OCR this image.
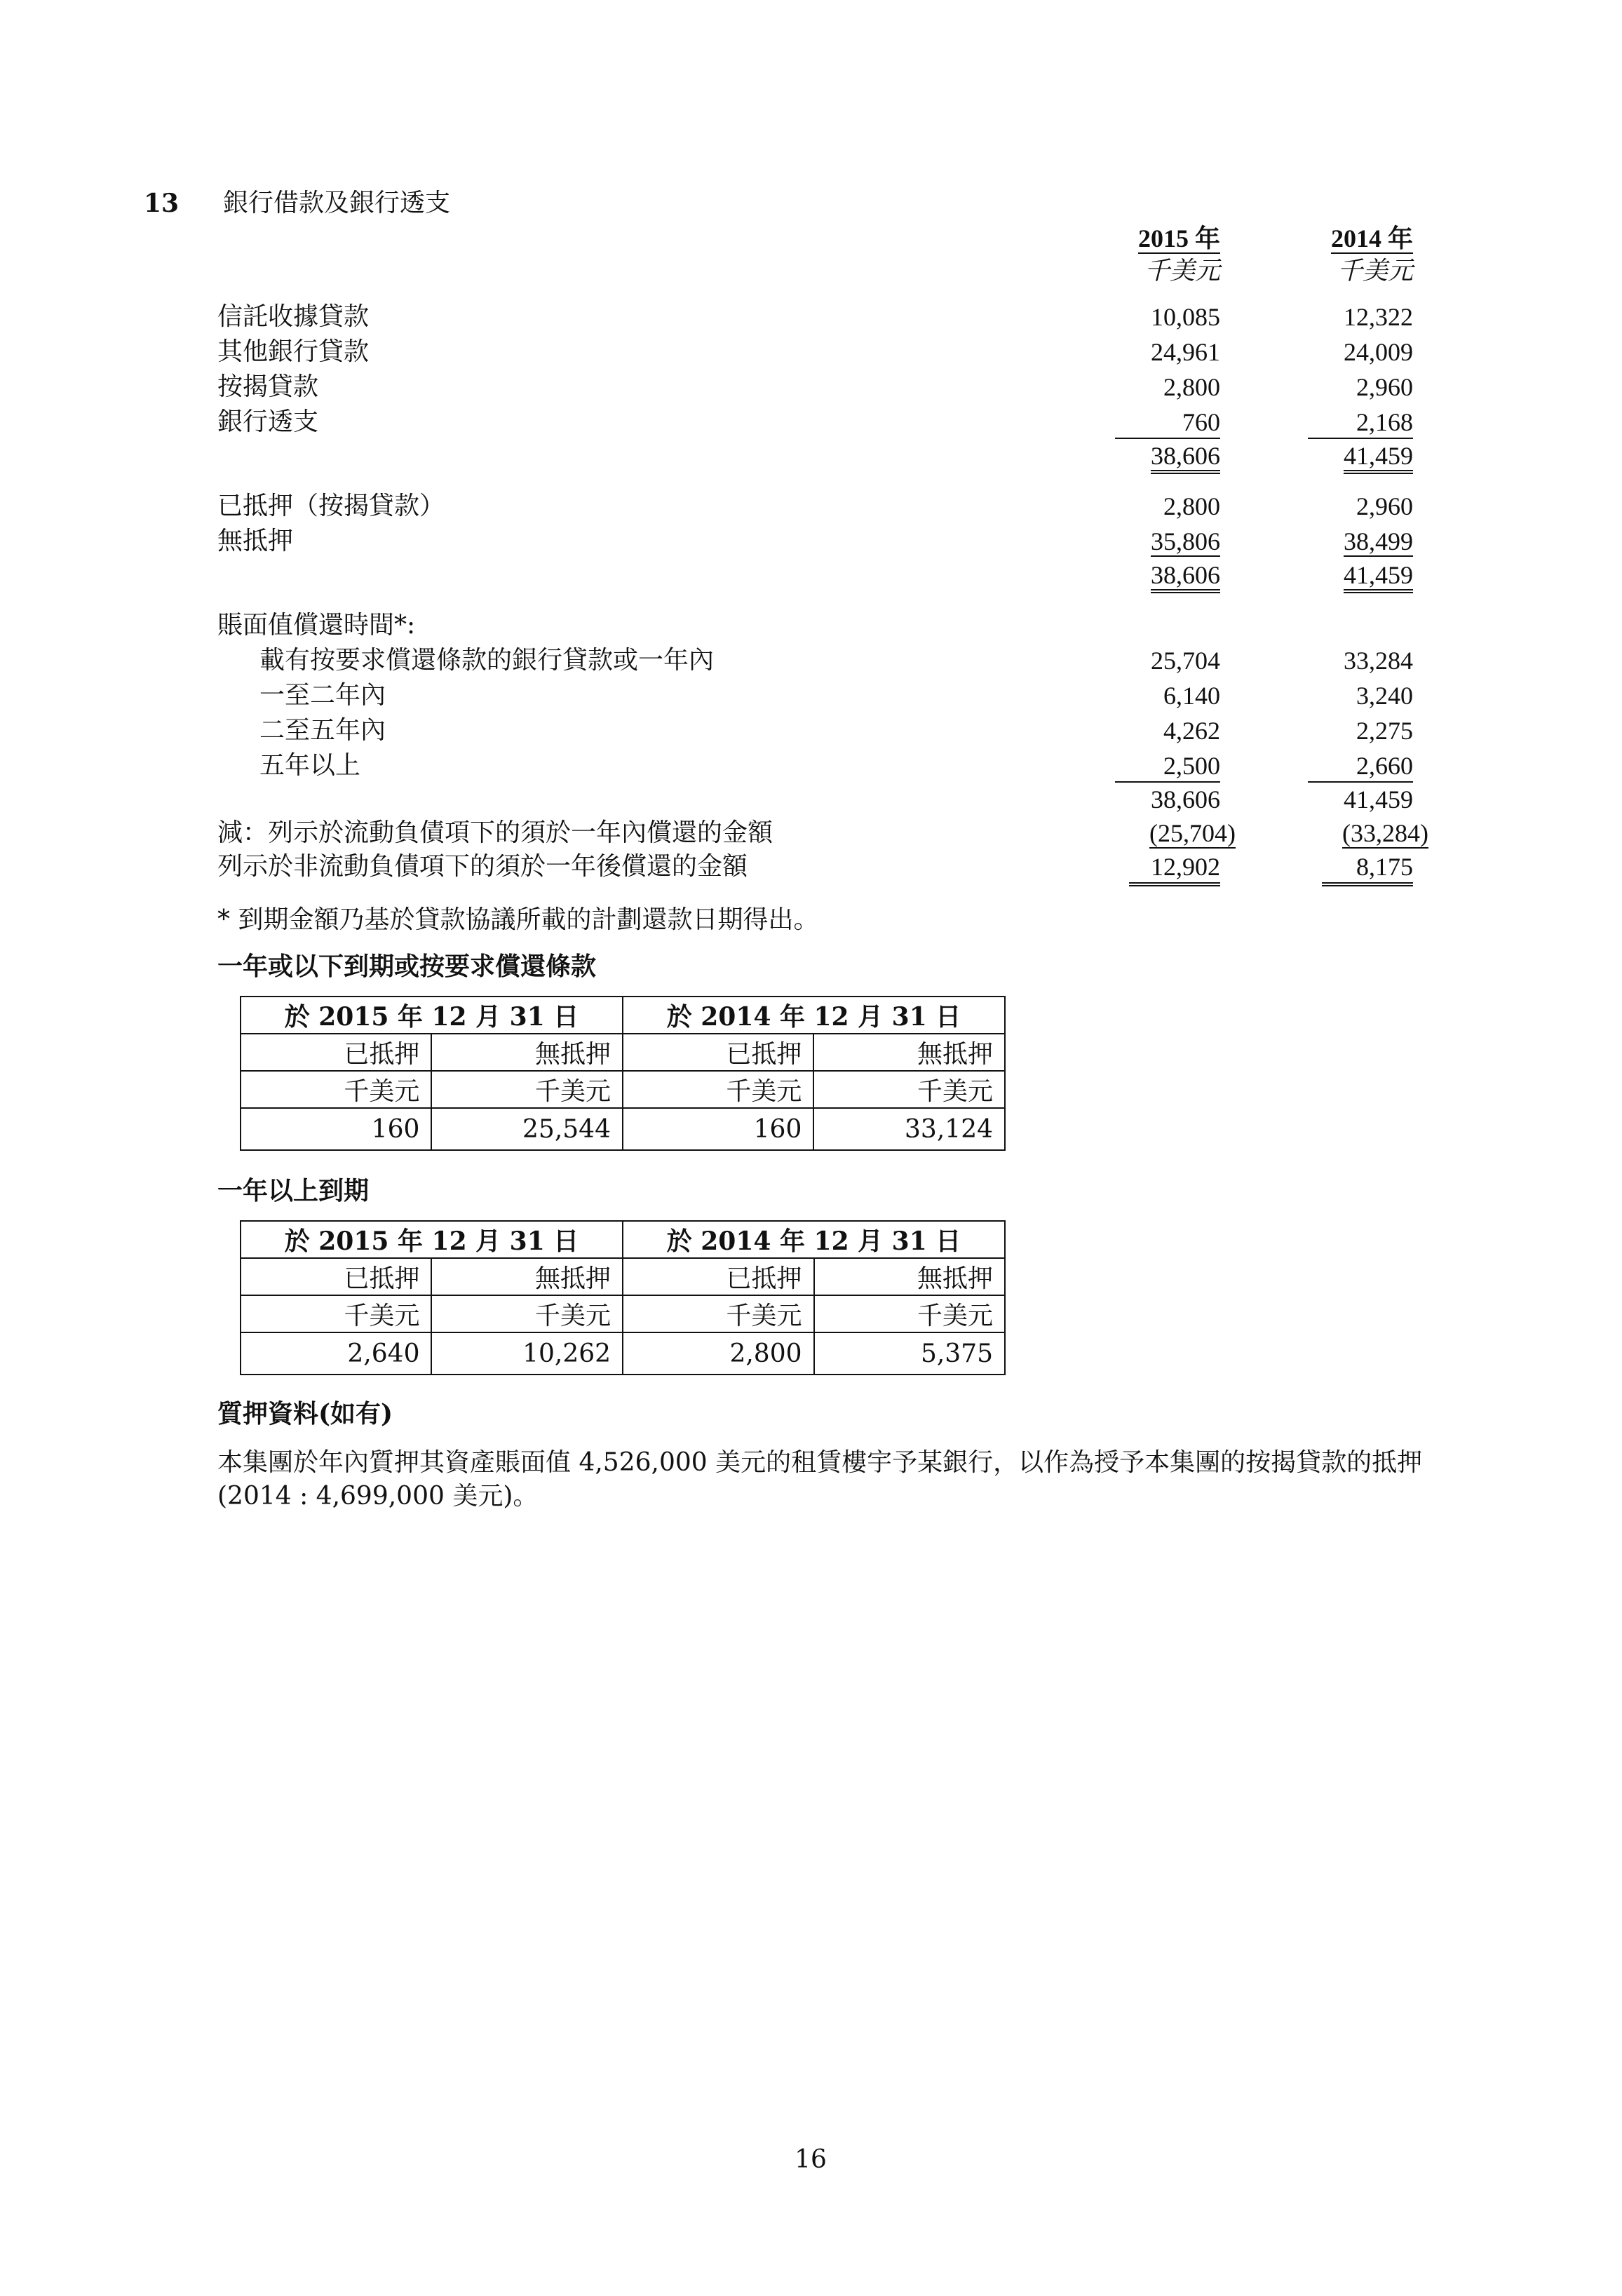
13 銀行借款及銀行透支
2015 年	2014 年
千美元	千美元
信託收據貸款	10,085	12,322
其他銀行貸款	24,961	24,009
按揭貸款	2,800	2,960
銀行透支	760	2,168
38,606	41,459
已抵押（按揭貸款）	2,800	2,960
無抵押	35,806	38,499
38,606	41,459
賬面值償還時間*:
載有按要求償還條款的銀行貸款或一年內	25,704	33,284
一至二年內	6,140	3,240
二至五年內	4,262	2,275
五年以上	2,500	2,660
38,606	41,459
減：列示於流動負債項下的須於一年內償還的金額	(25,704)	(33,284)
列示於非流動負債項下的須於一年後償還的金額	12,902	8,175
* 到期金額乃基於貸款協議所載的計劃還款日期得出。
一年或以下到期或按要求償還條款
於 2015 年 12 月 31 日		於 2014 年 12 月 31 日	
已抵押	無抵押	已抵押	無抵押
千美元	千美元	千美元	千美元
160	25,544	160	33,124
一年以上到期
於 2015 年 12 月 31 日		於 2014 年 12 月 31 日	
已抵押	無抵押	已抵押	無抵押
千美元	千美元	千美元	千美元
2,640	10,262	2,800	5,375
質押資料(如有)
本集團於年內質押其資產賬面值 4,526,000 美元的租賃樓宇予某銀行，以作為授予本集團的按揭貸款的抵押
(2014 : 4,699,000 美元)。
16
